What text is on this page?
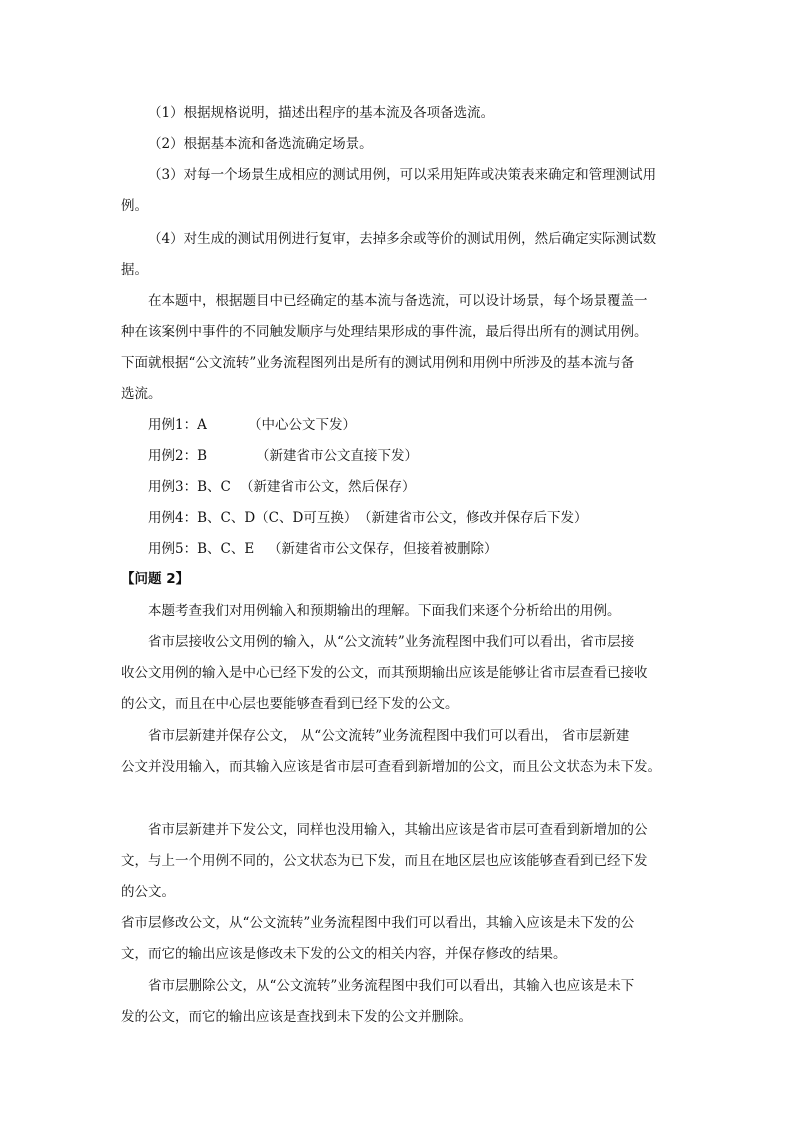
（1）根据规格说明，描述出程序的基本流及各项备选流。
（2）根据基本流和备选流确定场景。
（3）对每一个场景生成相应的测试用例，可以采用矩阵或决策表来确定和管理测试用
例。
（4）对生成的测试用例进行复审，去掉多余或等价的测试用例，然后确定实际测试数
据。
在本题中，根据题目中已经确定的基本流与备选流，可以设计场景，每个场景覆盖一
种在该案例中事件的不同触发顺序与处理结果形成的事件流，最后得出所有的测试用例。
下面就根据“公文流转”业务流程图列出是所有的测试用例和用例中所涉及的基本流与备
选流。
用例1：A	（中心公文下发）
用例2：B	（新建省市公文直接下发）
用例3：B、C （新建省市公文，然后保存）
用例4：B、C、D（C、D可互换） （新建省市公文，修改并保存后下发）
用例5：B、C、E （新建省市公文保存，但接着被删除）
【问题 2】
本题考查我们对用例输入和预期输出的理解。下面我们来逐个分析给出的用例。
省市层接收公文用例的输入，从“公文流转”业务流程图中我们可以看出，省市层接
收公文用例的输入是中心已经下发的公文，而其预期输出应该是能够让省市层查看已接收
的公文，而且在中心层也要能够查看到已经下发的公文。
省市层新建并保存公文， 从“公文流转”业务流程图中我们可以看出， 省市层新建
公文并没用输入，而其输入应该是省市层可查看到新增加的公文，而且公文状态为未下发。
省市层新建并下发公文，同样也没用输入，其输出应该是省市层可查看到新增加的公
文，与上一个用例不同的，公文状态为已下发，而且在地区层也应该能够查看到已经下发
的公文。
省市层修改公文，从“公文流转”业务流程图中我们可以看出，其输入应该是未下发的公
文，而它的输出应该是修改未下发的公文的相关内容，并保存修改的结果。
省市层删除公文，从“公文流转”业务流程图中我们可以看出，其输入也应该是未下
发的公文，而它的输出应该是查找到未下发的公文并删除。
